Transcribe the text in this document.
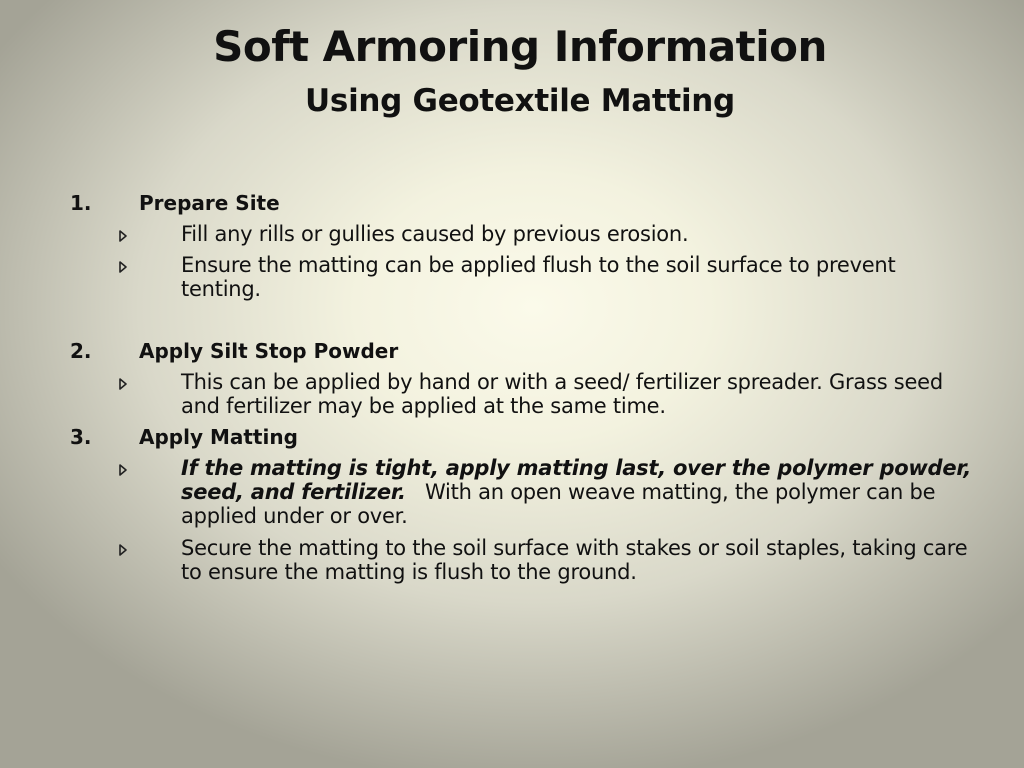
Soft Armoring Information
Using Geotextile Matting
1. Prepare Site
Fill any rills or gullies caused by previous erosion.
Ensure the matting can be applied flush to the soil surface to prevent tenting.
2. Apply Silt Stop Powder
This can be applied by hand or with a seed/ fertilizer spreader. Grass seed and fertilizer may be applied at the same time.
3. Apply Matting
If the matting is tight, apply matting last, over the polymer powder, seed, and fertilizer. With an open weave matting, the polymer can be applied under or over.
Secure the matting to the soil surface with stakes or soil staples, taking care to ensure the matting is flush to the ground.
